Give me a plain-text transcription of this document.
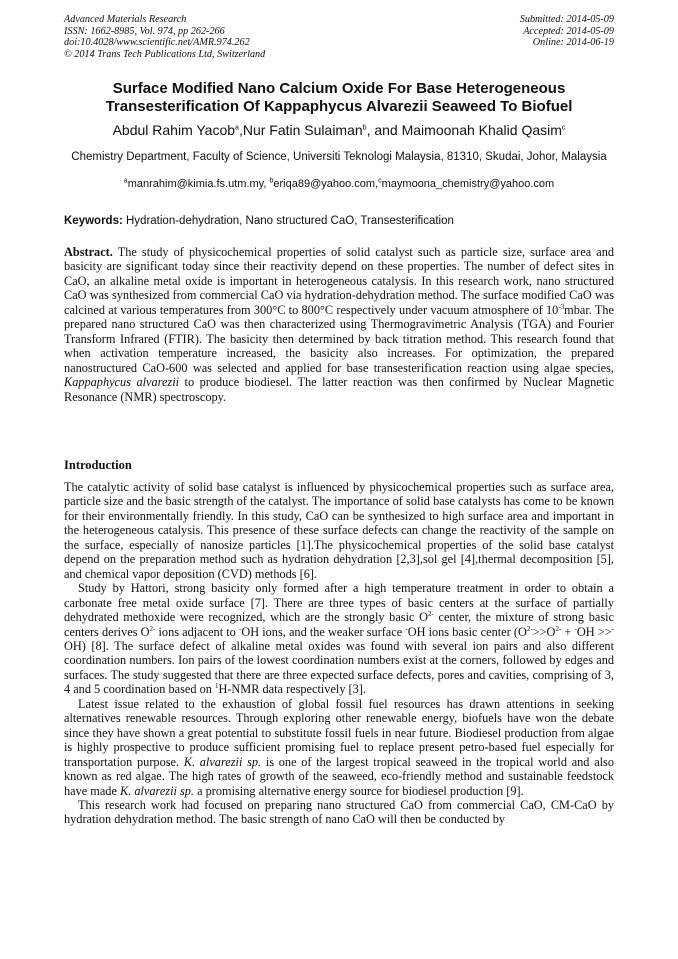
Advanced Materials Research
ISSN: 1662-8985, Vol. 974, pp 262-266
doi:10.4028/www.scientific.net/AMR.974.262
© 2014 Trans Tech Publications Ltd, Switzerland
Submitted: 2014-05-09
Accepted: 2014-05-09
Online: 2014-06-19
Surface Modified Nano Calcium Oxide For Base Heterogeneous
Transesterification Of Kappaphycus Alvarezii Seaweed To Biofuel
Abdul Rahim Yacob$^a$,Nur Fatin Sulaiman$^b$, and Maimoonah Khalid Qasim$^c$
Chemistry Department, Faculty of Science, Universiti Teknologi Malaysia, 81310, Skudai, Johor, Malaysia
$^a$manrahim@kimia.fs.utm.my, $^b$eriqa89@yahoo.com,$^c$maymoona_chemistry@yahoo.com
Keywords: Hydration-dehydration, Nano structured CaO, Transesterification

Abstract. The study of physicochemical properties of solid catalyst such as particle size, surface area and basicity are significant today since their reactivity depend on these properties. The number of defect sites in CaO, an alkaline metal oxide is important in heterogeneous catalysis. In this research work, nano structured CaO was synthesized from commercial CaO via hydration-dehydration method. The surface modified CaO was calcined at various temperatures from 300°C to 800°C respectively under vacuum atmosphere of $10^{-3}mbar$. The prepared nano structured CaO was then characterized using Thermogravimetric Analysis (TGA) and Fourier Transform Infrared (FTIR). The basicity then determined by back titration method. This research found that when activation temperature increased, the basicity also increases. For optimization, the prepared nanostructured CaO-600 was selected and applied for base transesterification reaction using algae species, Kappaphycus alvarezii to produce biodiesel. The latter reaction was then confirmed by Nuclear Magnetic Resonance (NMR) spectroscopy.

Introduction

The catalytic activity of solid base catalyst is influenced by physicochemical properties such as surface area, particle size and the basic strength of the catalyst. The importance of solid base catalysts has come to be known for their environmentally friendly. In this study, CaO can be synthesized to high surface area and important in the heterogeneous catalysis. This presence of these surface defects can change the reactivity of the sample on the surface, especially of nanosize particles [1].The physicochemical properties of the solid base catalyst depend on the preparation method such as hydration dehydration [2,3],sol gel [4],thermal decomposition [5], and chemical vapor deposition (CVD) methods [6].

Study by Hattori, strong basicity only formed after a high temperature treatment in order to obtain a carbonate free metal oxide surface [7]. There are three types of basic centers at the surface of partially dehydrated methoxide were recognized, which are the strongly basic $O^{2-}$ center, the mixture of strong basic centers derives $O^{2-}$ ions adjacent to -OH ions, and the weaker surface -OH ions basic center $(O^{2-}>>O^{2-} + ^-OH >>^-OH)$ [8]. The surface defect of alkaline metal oxides was found with several ion pairs and also different coordination numbers. Ion pairs of the lowest coordination numbers exist at the corners, followed by edges and surfaces. The study suggested that there are three expected surface defects, pores and cavities, comprising of 3, 4 and 5 coordination based on $^1$H-NMR data respectively [3].

Latest issue related to the exhaustion of global fossil fuel resources has drawn attentions in seeking alternatives renewable resources. Through exploring other renewable energy, biofuels have won the debate since they have shown a great potential to substitute fossil fuels in near future. Biodiesel production from algae is highly prospective to produce sufficient promising fuel to replace present petro-based fuel especially for transportation purpose. K. alvarezii sp. is one of the largest tropical seaweed in the tropical world and also known as red algae. The high rates of growth of the seaweed, eco-friendly method and sustainable feedstock have made K. alvarezii sp. a promising alternative energy source for biodiesel production [9].

This research work had focused on preparing nano structured CaO from commercial CaO, CM-CaO by hydration dehydration method. The basic strength of nano CaO will then be conducted by
